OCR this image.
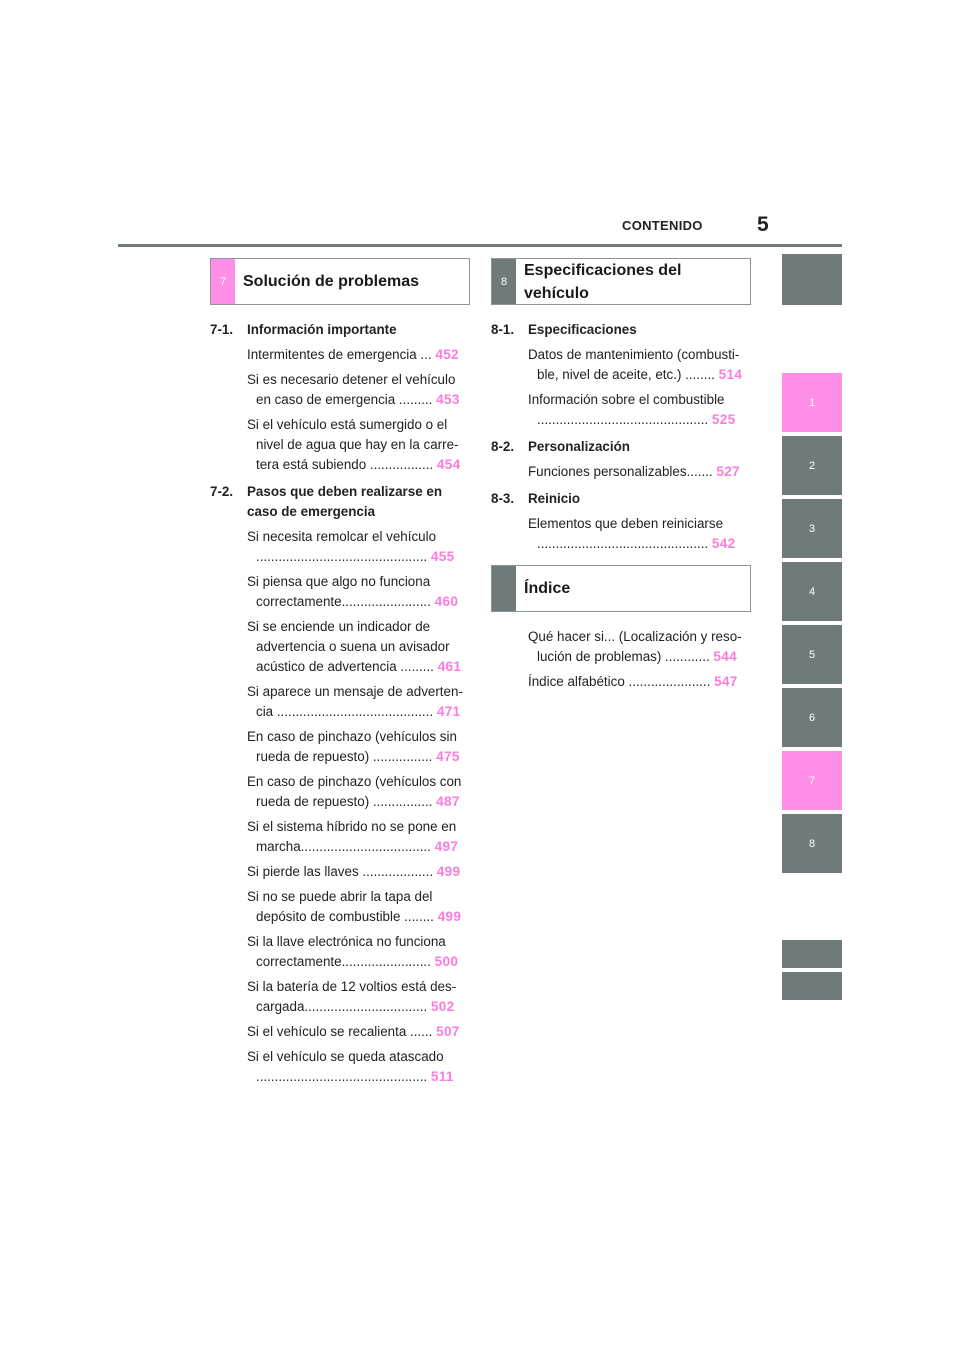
CONTENIDO	5
7	Solución de problemas	8
Especificaciones del vehículo
Índice
7-1.	Información importante
Intermitentes de emergencia ... 452
Si es necesario detener el vehículo en caso de emergencia ......... 453
Si el vehículo está sumergido o el nivel de agua que hay en la carre-tera está subiendo ................. 454
7-2.	Pasos que deben realizarse en caso de emergencia
Si necesita remolcar el vehículo .............................................. 455
Si piensa que algo no funciona correctamente........................ 460
Si se enciende un indicador de advertencia o suena un avisador acústico de advertencia ......... 461
Si aparece un mensaje de adverten-cia .......................................... 471
En caso de pinchazo (vehículos sin rueda de repuesto) ................ 475
En caso de pinchazo (vehículos con rueda de repuesto) ................ 487
Si el sistema híbrido no se pone en marcha................................... 497
Si pierde las llaves ................... 499
Si no se puede abrir la tapa del depósito de combustible ........ 499
Si la llave electrónica no funciona correctamente........................ 500
Si la batería de 12 voltios está des-cargada................................. 502
Si el vehículo se recalienta ...... 507
Si el vehículo se queda atascado .............................................. 511
8-1.	Especificaciones
Datos de mantenimiento (combusti-ble, nivel de aceite, etc.) ........ 514
Información sobre el combustible .............................................. 525
8-2.	Personalización
Funciones personalizables....... 527
8-3.	Reinicio
Elementos que deben reiniciarse .............................................. 542
Qué hacer si... (Localización y reso-lución de problemas) ............ 544
Índice alfabético ...................... 547
1
2
3
4
5
6
7
8
